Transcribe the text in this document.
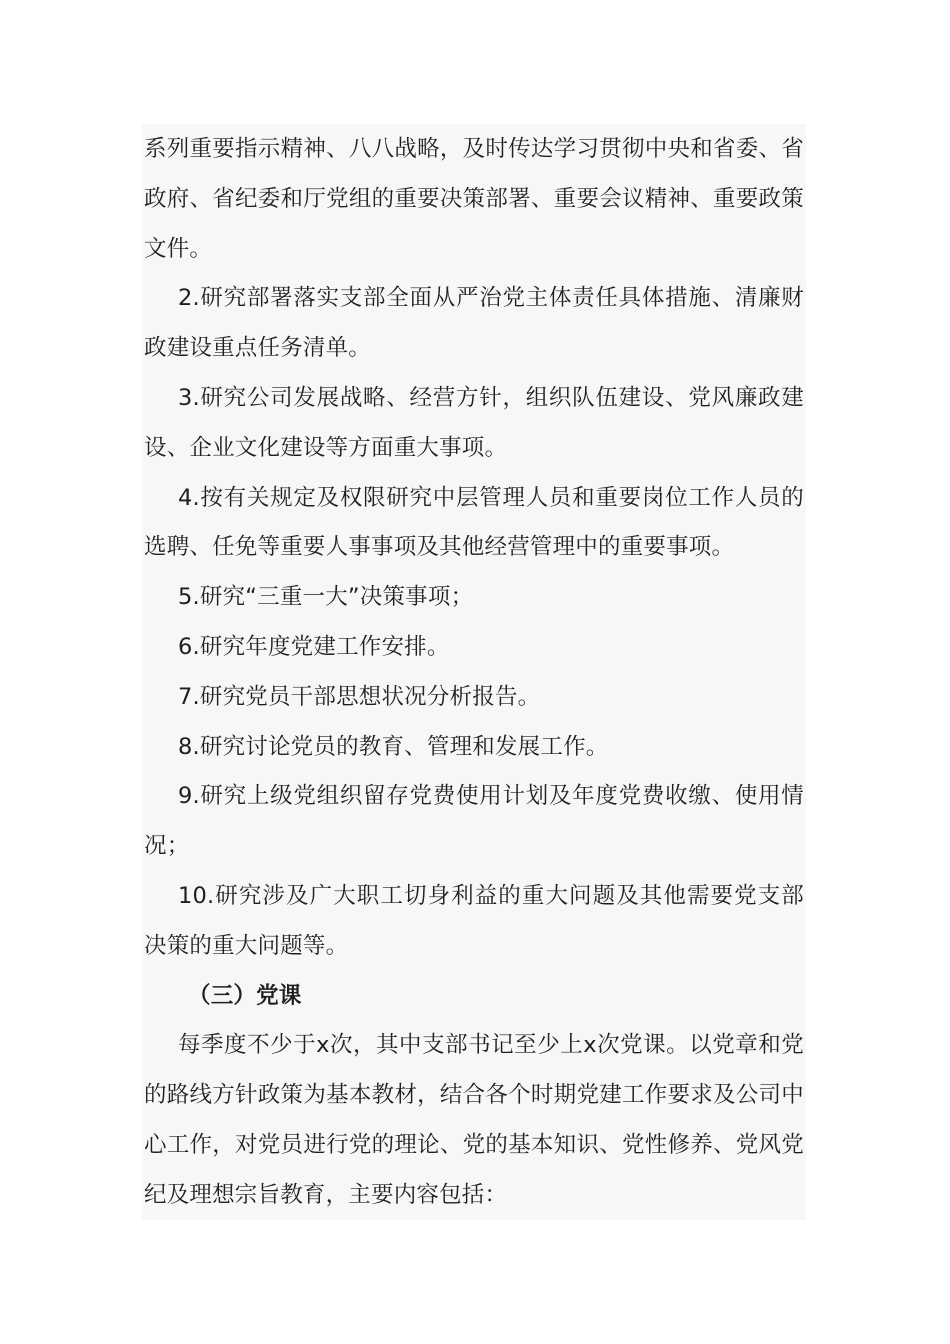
系列重要指示精神、八八战略，及时传达学习贯彻中央和省委、省政府、省纪委和厅党组的重要决策部署、重要会议精神、重要政策文件。

2.研究部署落实支部全面从严治党主体责任具体措施、清廉财政建设重点任务清单。

3.研究公司发展战略、经营方针，组织队伍建设、党风廉政建设、企业文化建设等方面重大事项。

4.按有关规定及权限研究中层管理人员和重要岗位工作人员的选聘、任免等重要人事事项及其他经营管理中的重要事项。

5.研究“三重一大”决策事项；

6.研究年度党建工作安排。

7.研究党员干部思想状况分析报告。

8.研究讨论党员的教育、管理和发展工作。

9.研究上级党组织留存党费使用计划及年度党费收缴、使用情况；

10.研究涉及广大职工切身利益的重大问题及其他需要党支部决策的重大问题等。

（三）党课

每季度不少于x次，其中支部书记至少上x次党课。以党章和党的路线方针政策为基本教材，结合各个时期党建工作要求及公司中心工作，对党员进行党的理论、党的基本知识、党性修养、党风党纪及理想宗旨教育，主要内容包括：
